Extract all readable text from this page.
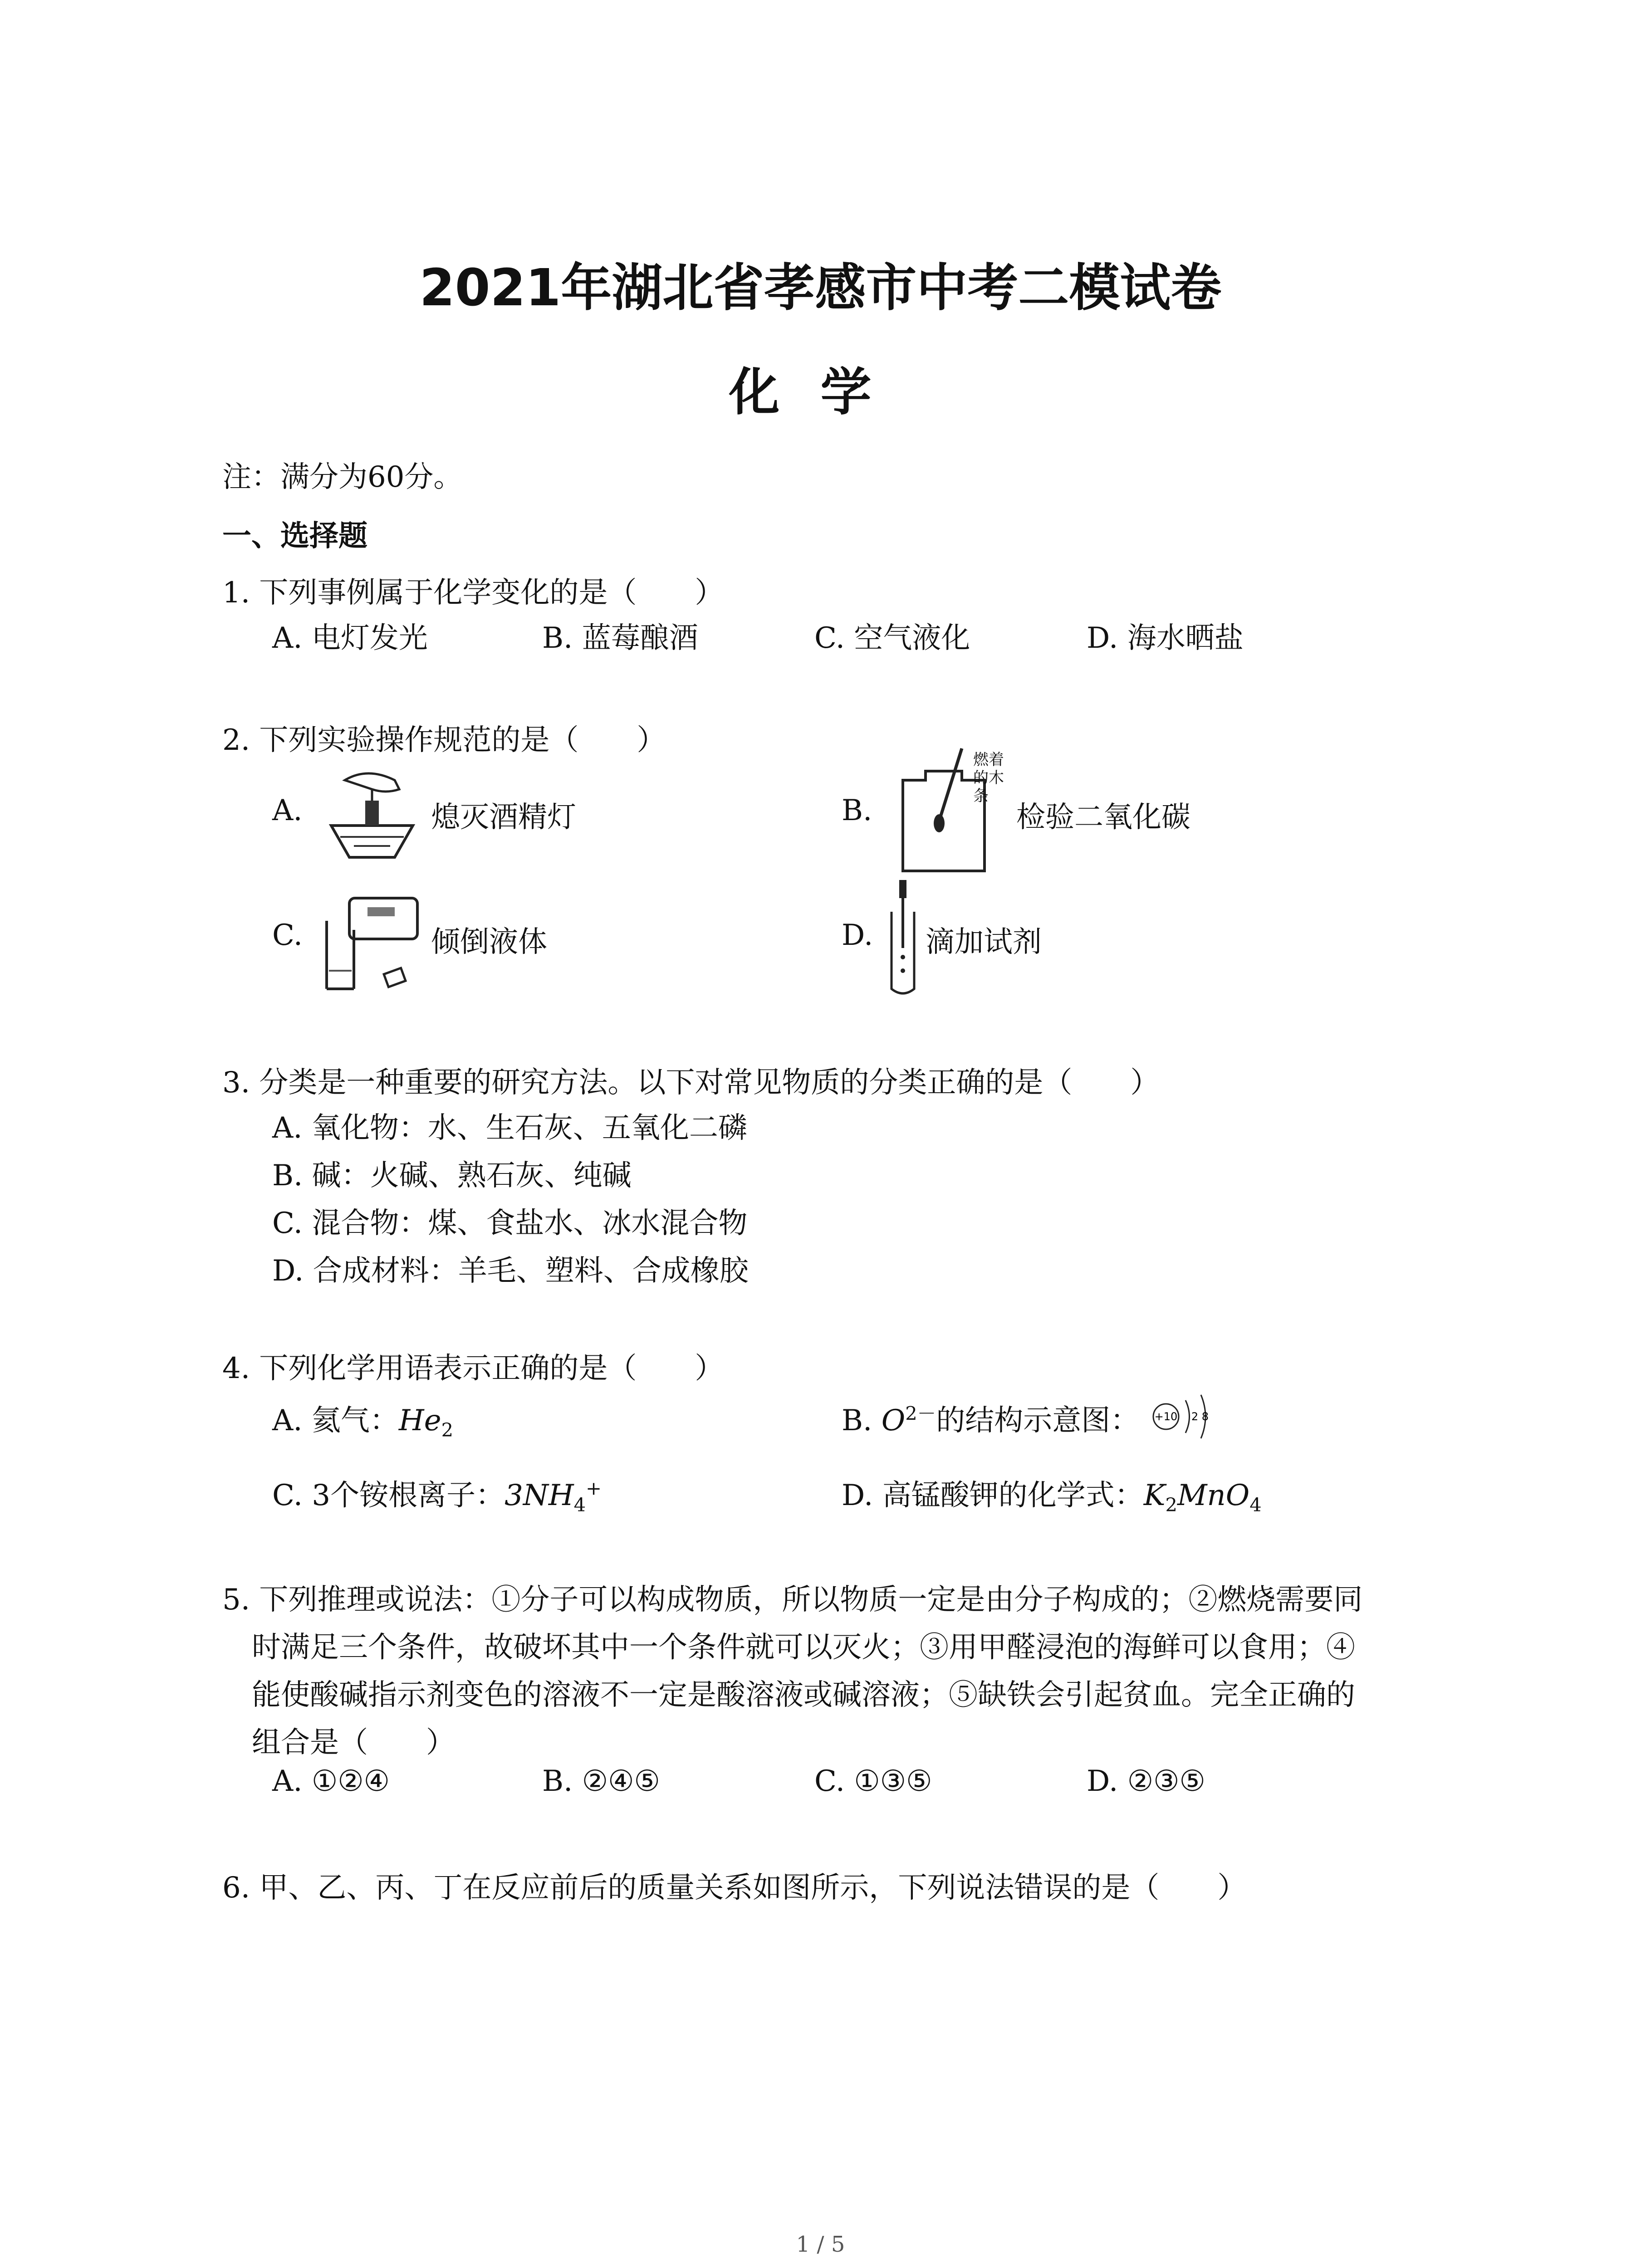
2021年湖北省孝感市中考二模试卷
化学
注：满分为60分。
一、选择题
1. 下列事例属于化学变化的是（　　）
A. 电灯发光	B. 蓝莓酿酒	C. 空气液化	D. 海水晒盐
2. 下列实验操作规范的是（　　）
A.	熄灭酒精灯	B.
燃着
的木
条
检验二氧化碳
C.	倾倒液体	D. 滴加试剂
3. 分类是一种重要的研究方法。以下对常见物质的分类正确的是（　　）
A. 氧化物：水、生石灰、五氧化二磷
B. 碱：火碱、熟石灰、纯碱
C. 混合物：煤、食盐水、冰水混合物
D. 合成材料：羊毛、塑料、合成橡胶
4. 下列化学用语表示正确的是（　　）
A. 氦气：$He_2$	B. $O^{2-}$的结构示意图： +10 2 8
C. 3个铵根离子：$3NH_4^+$	D. 高锰酸钾的化学式：$K_2MnO_4$
5. 下列推理或说法：①分子可以构成物质，所以物质一定是由分子构成的；②燃烧需要同
时满足三个条件，故破坏其中一个条件就可以灭火；③用甲醛浸泡的海鲜可以食用；④
能使酸碱指示剂变色的溶液不一定是酸溶液或碱溶液；⑤缺铁会引起贫血。完全正确的
组合是（　　）
A. ①②④	B. ②④⑤	C. ①③⑤	D. ②③⑤
6. 甲、乙、丙、丁在反应前后的质量关系如图所示，下列说法错误的是（　　）
1 / 5
